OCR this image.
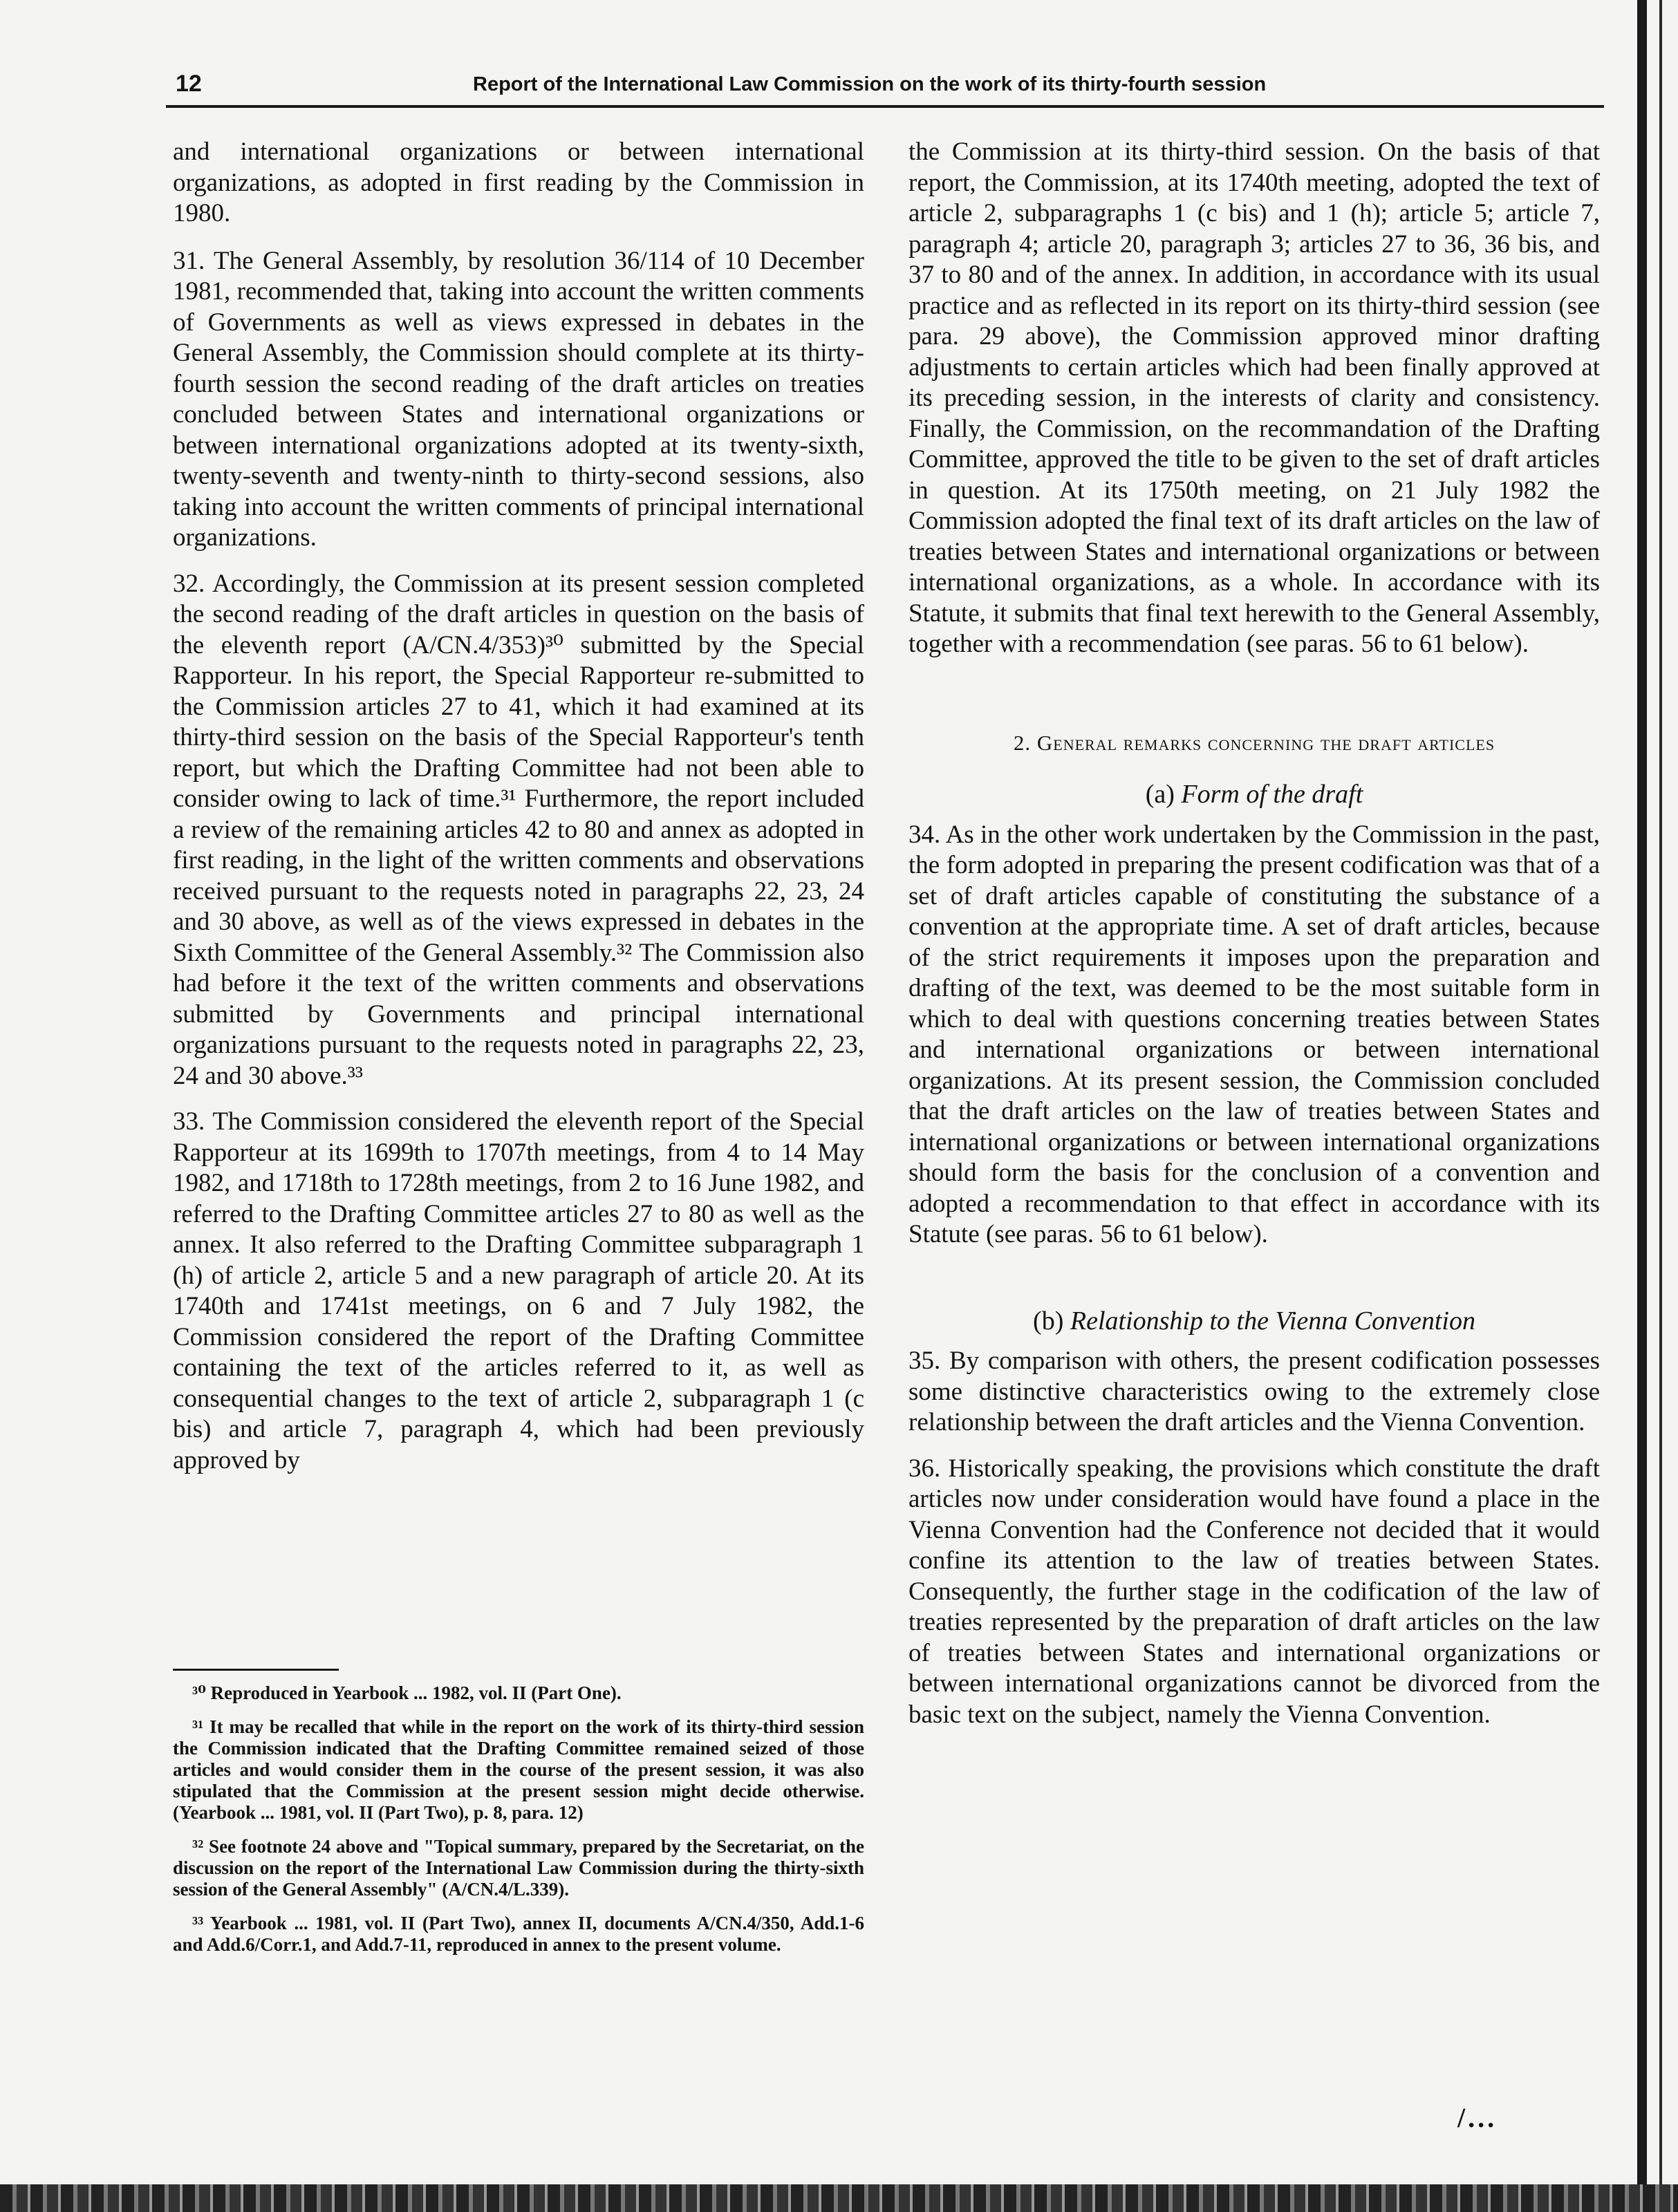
12	Report of the International Law Commission on the work of its thirty-fourth session

and international organizations or between international organizations, as adopted in first reading by the Commission in 1980.

31. The General Assembly, by resolution 36/114 of 10 December 1981, recommended that, taking into account the written comments of Governments as well as views expressed in debates in the General Assembly, the Commission should complete at its thirty-fourth session the second reading of the draft articles on treaties concluded between States and international organizations or between international organizations adopted at its twenty-sixth, twenty-seventh and twenty-ninth to thirty-second sessions, also taking into account the written comments of principal international organizations.

32. Accordingly, the Commission at its present session completed the second reading of the draft articles in question on the basis of the eleventh report (A/CN.4/353)³⁰ submitted by the Special Rapporteur. In his report, the Special Rapporteur re-submitted to the Commission articles 27 to 41, which it had examined at its thirty-third session on the basis of the Special Rapporteur's tenth report, but which the Drafting Committee had not been able to consider owing to lack of time.³¹ Furthermore, the report included a review of the remaining articles 42 to 80 and annex as adopted in first reading, in the light of the written comments and observations received pursuant to the requests noted in paragraphs 22, 23, 24 and 30 above, as well as of the views expressed in debates in the Sixth Committee of the General Assembly.³² The Commission also had before it the text of the written comments and observations submitted by Governments and principal international organizations pursuant to the requests noted in paragraphs 22, 23, 24 and 30 above.³³

33. The Commission considered the eleventh report of the Special Rapporteur at its 1699th to 1707th meetings, from 4 to 14 May 1982, and 1718th to 1728th meetings, from 2 to 16 June 1982, and referred to the Drafting Committee articles 27 to 80 as well as the annex. It also referred to the Drafting Committee subparagraph 1 (h) of article 2, article 5 and a new paragraph of article 20. At its 1740th and 1741st meetings, on 6 and 7 July 1982, the Commission considered the report of the Drafting Committee containing the text of the articles referred to it, as well as consequential changes to the text of article 2, subparagraph 1 (c bis) and article 7, paragraph 4, which had been previously approved by

³⁰ Reproduced in Yearbook ... 1982, vol. II (Part One).

³¹ It may be recalled that while in the report on the work of its thirty-third session the Commission indicated that the Drafting Committee remained seized of those articles and would consider them in the course of the present session, it was also stipulated that the Commission at the present session might decide otherwise. (Yearbook ... 1981, vol. II (Part Two), p. 8, para. 12)

³² See footnote 24 above and "Topical summary, prepared by the Secretariat, on the discussion on the report of the International Law Commission during the thirty-sixth session of the General Assembly" (A/CN.4/L.339).

³³ Yearbook ... 1981, vol. II (Part Two), annex II, documents A/CN.4/350, Add.1-6 and Add.6/Corr.1, and Add.7-11, reproduced in annex to the present volume.

the Commission at its thirty-third session. On the basis of that report, the Commission, at its 1740th meeting, adopted the text of article 2, subparagraphs 1 (c bis) and 1 (h); article 5; article 7, paragraph 4; article 20, paragraph 3; articles 27 to 36, 36 bis, and 37 to 80 and of the annex. In addition, in accordance with its usual practice and as reflected in its report on its thirty-third session (see para. 29 above), the Commission approved minor drafting adjustments to certain articles which had been finally approved at its preceding session, in the interests of clarity and consistency. Finally, the Commission, on the recommandation of the Drafting Committee, approved the title to be given to the set of draft articles in question. At its 1750th meeting, on 21 July 1982 the Commission adopted the final text of its draft articles on the law of treaties between States and international organizations or between international organizations, as a whole. In accordance with its Statute, it submits that final text herewith to the General Assembly, together with a recommendation (see paras. 56 to 61 below).

2. General remarks concerning the draft articles
(a) Form of the draft

34. As in the other work undertaken by the Commission in the past, the form adopted in preparing the present codification was that of a set of draft articles capable of constituting the substance of a convention at the appropriate time. A set of draft articles, because of the strict requirements it imposes upon the preparation and drafting of the text, was deemed to be the most suitable form in which to deal with questions concerning treaties between States and international organizations or between international organizations. At its present session, the Commission concluded that the draft articles on the law of treaties between States and international organizations or between international organizations should form the basis for the conclusion of a convention and adopted a recommendation to that effect in accordance with its Statute (see paras. 56 to 61 below).

(b) Relationship to the Vienna Convention

35. By comparison with others, the present codification possesses some distinctive characteristics owing to the extremely close relationship between the draft articles and the Vienna Convention.

36. Historically speaking, the provisions which constitute the draft articles now under consideration would have found a place in the Vienna Convention had the Conference not decided that it would confine its attention to the law of treaties between States. Consequently, the further stage in the codification of the law of treaties represented by the preparation of draft articles on the law of treaties between States and international organizations or between international organizations cannot be divorced from the basic text on the subject, namely the Vienna Convention.

/...
